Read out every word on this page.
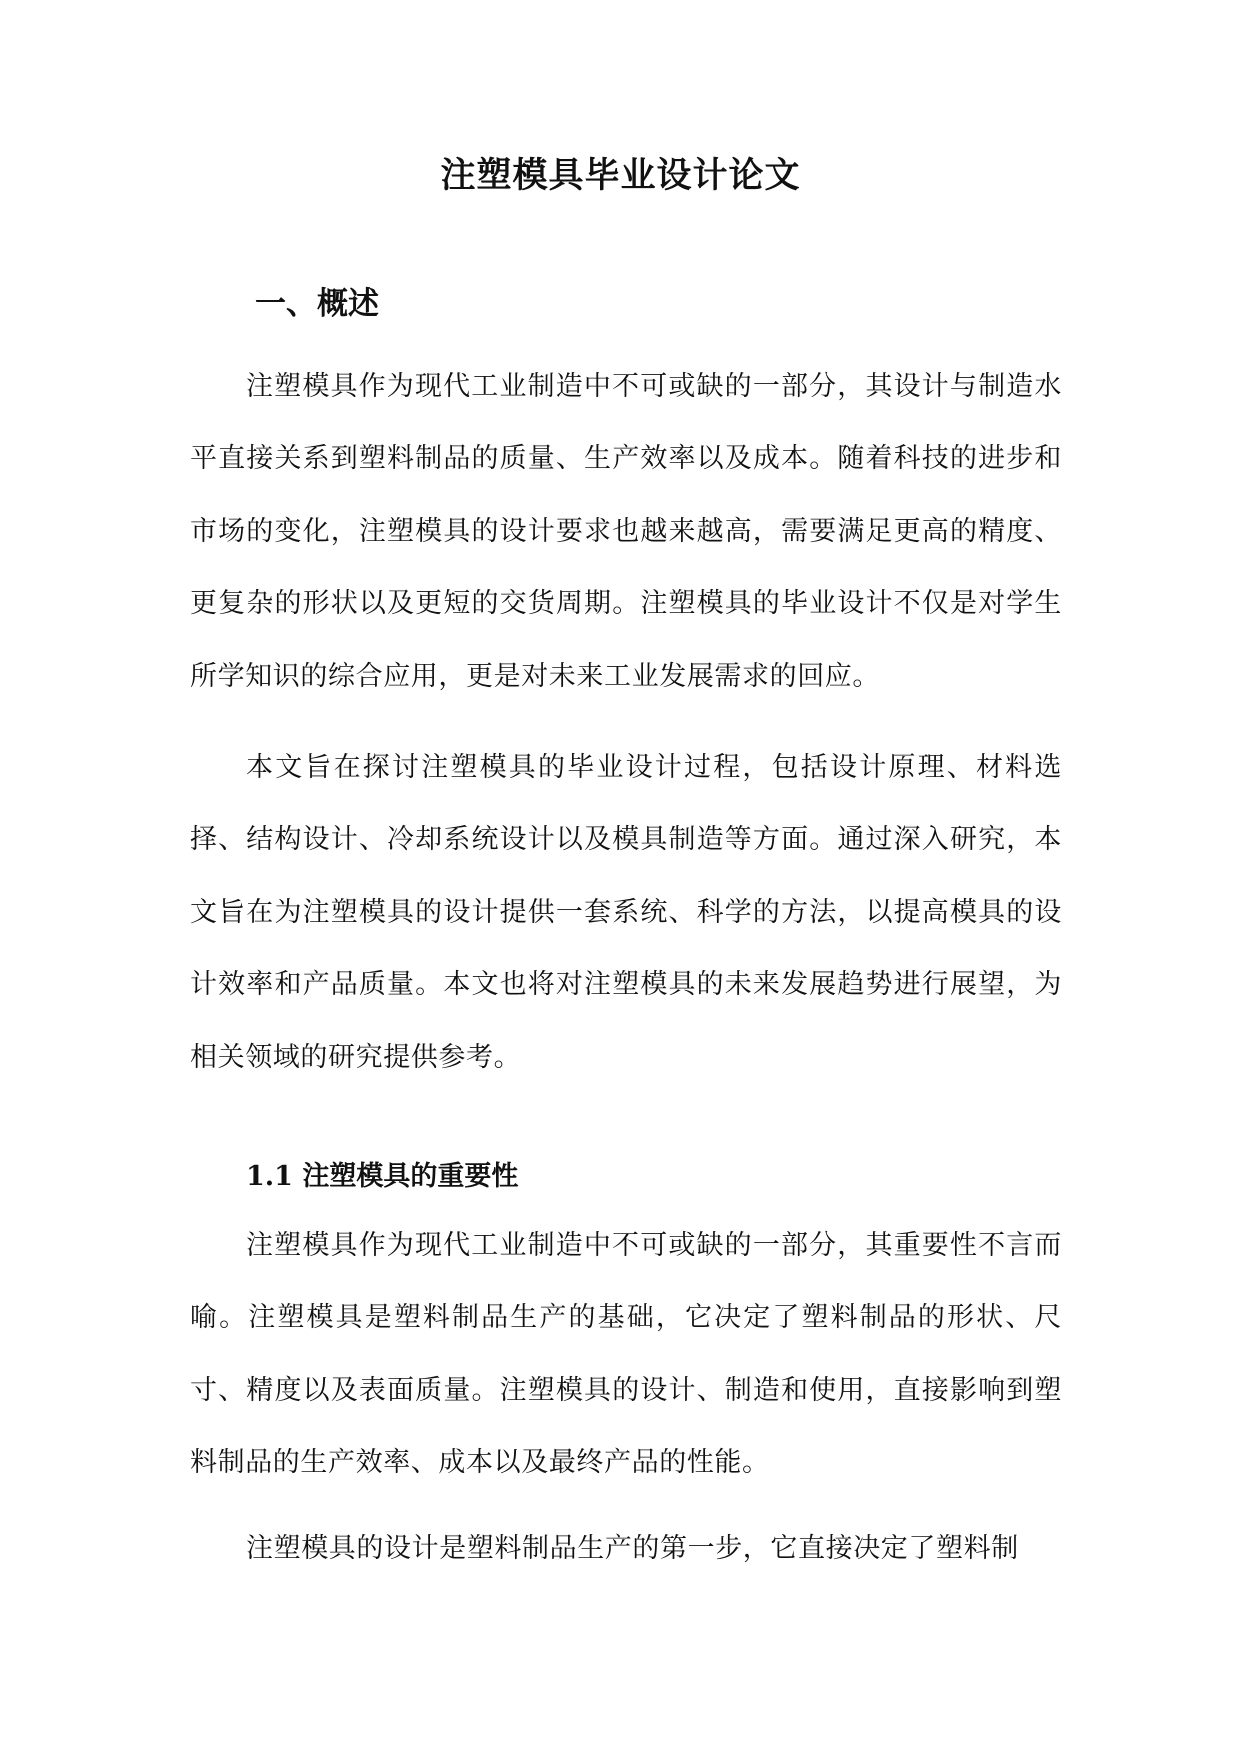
注塑模具毕业设计论文
一、概述

注塑模具作为现代工业制造中不可或缺的一部分，其设计与制造水平直接关系到塑料制品的质量、生产效率以及成本。随着科技的进步和市场的变化，注塑模具的设计要求也越来越高，需要满足更高的精度、更复杂的形状以及更短的交货周期。注塑模具的毕业设计不仅是对学生所学知识的综合应用，更是对未来工业发展需求的回应。

本文旨在探讨注塑模具的毕业设计过程，包括设计原理、材料选择、结构设计、冷却系统设计以及模具制造等方面。通过深入研究，本文旨在为注塑模具的设计提供一套系统、科学的方法，以提高模具的设计效率和产品质量。本文也将对注塑模具的未来发展趋势进行展望，为相关领域的研究提供参考。

1.1 注塑模具的重要性

注塑模具作为现代工业制造中不可或缺的一部分，其重要性不言而喻。注塑模具是塑料制品生产的基础，它决定了塑料制品的形状、尺寸、精度以及表面质量。注塑模具的设计、制造和使用，直接影响到塑料制品的生产效率、成本以及最终产品的性能。

注塑模具的设计是塑料制品生产的第一步，它直接决定了塑料制
